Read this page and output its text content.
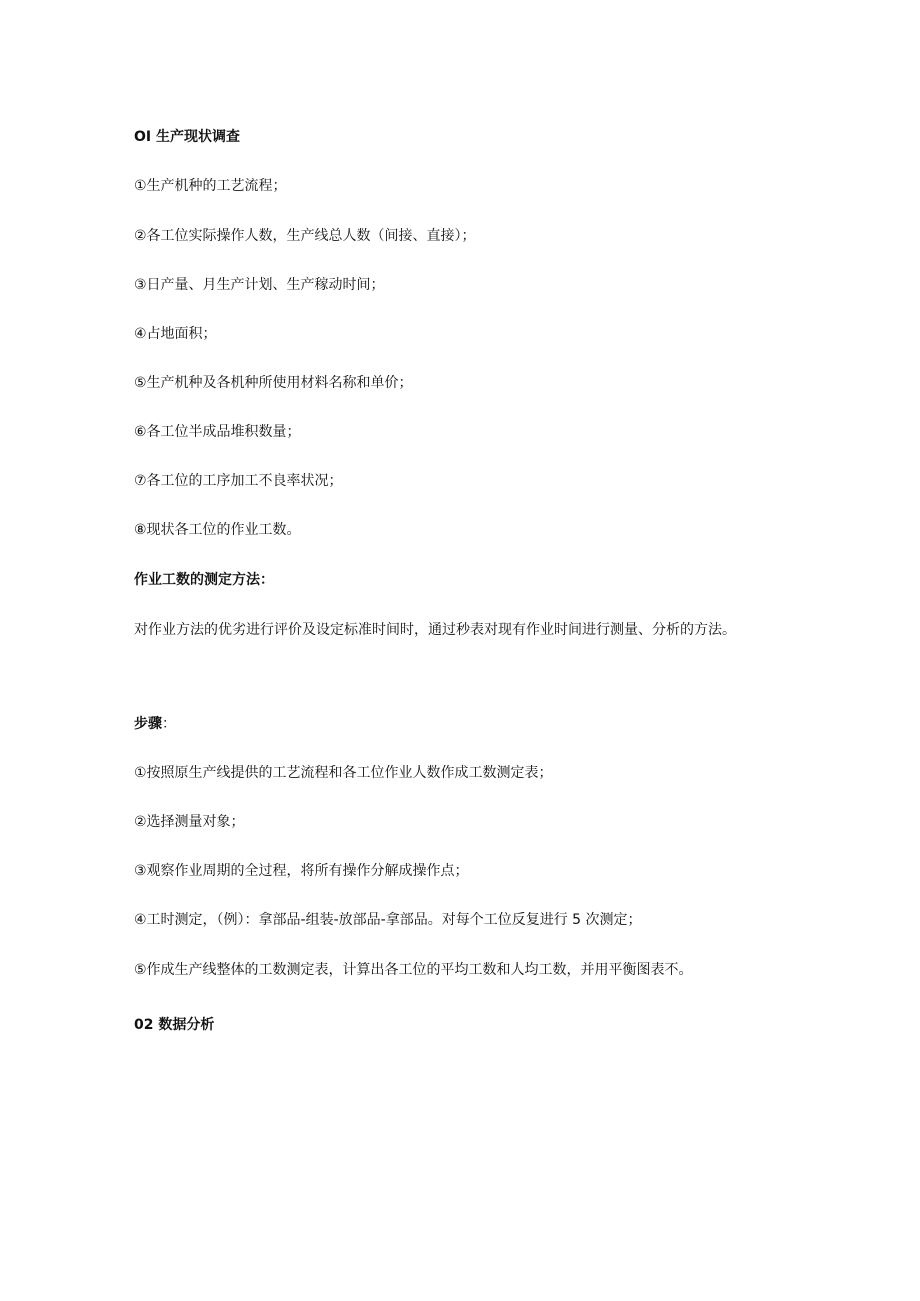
OI 生产现状调查

①生产机种的工艺流程；

②各工位实际操作人数，生产线总人数（间接、直接）；

③日产量、月生产计划、生产稼动时间；

④占地面积；

⑤生产机种及各机种所使用材料名称和单价；

⑥各工位半成品堆积数量；

⑦各工位的工序加工不良率状况；

⑧现状各工位的作业工数。

作业工数的测定方法：

对作业方法的优劣进行评价及设定标准时间时，通过秒表对现有作业时间进行测量、分析的方法。

步骤：

①按照原生产线提供的工艺流程和各工位作业人数作成工数测定表；

②选择测量对象；

③观察作业周期的全过程，将所有操作分解成操作点；

④工时测定，（例）：拿部品-组装-放部品-拿部品。对每个工位反复进行 5 次测定；

⑤作成生产线整体的工数测定表，计算出各工位的平均工数和人均工数，并用平衡图表不。

02 数据分析
